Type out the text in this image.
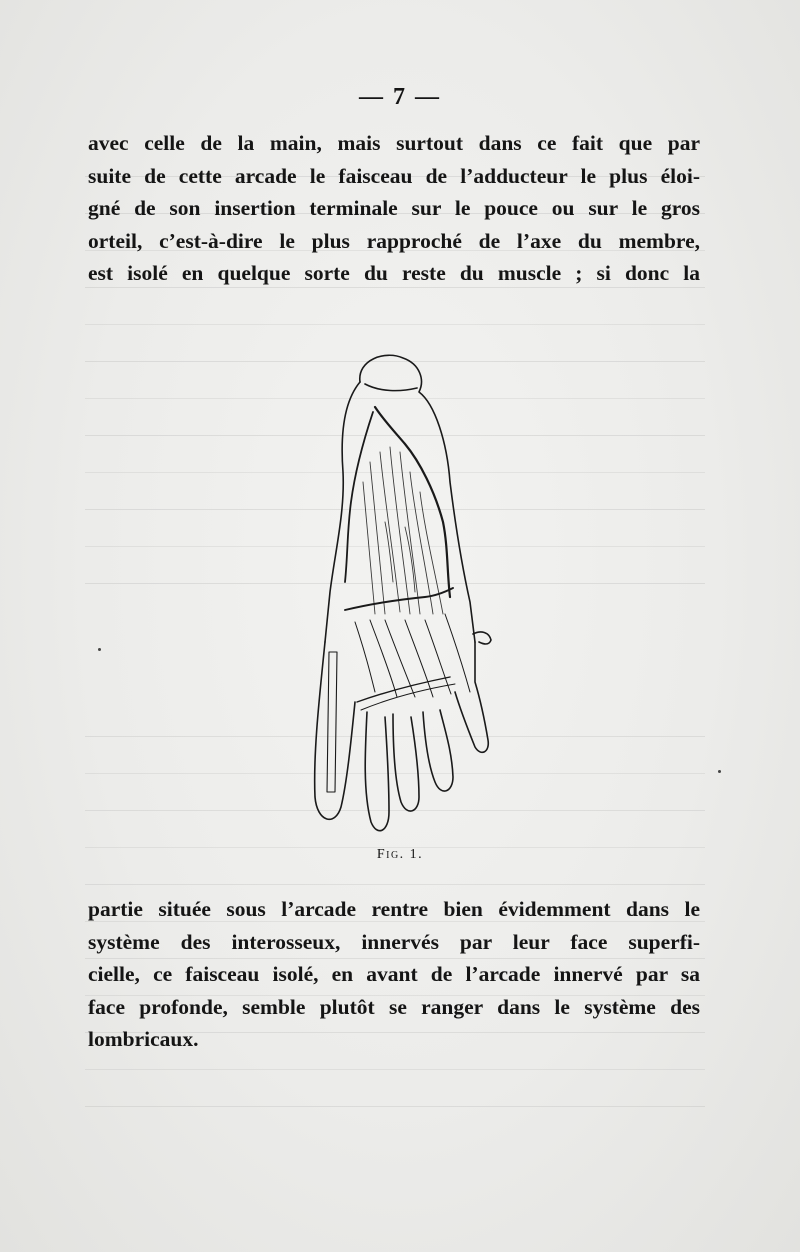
— 7 —
avec celle de la main, mais surtout dans ce fait que par
suite de cette arcade le faisceau de l’adducteur le plus éloi-
gné de son insertion terminale sur le pouce ou sur le gros
orteil, c’est-à-dire le plus rapproché de l’axe du membre,
est isolé en quelque sorte du reste du muscle ; si donc la
Fig. 1.
partie située sous l’arcade rentre bien évidemment dans le
système des interosseux, innervés par leur face superfi-
cielle, ce faisceau isolé, en avant de l’arcade innervé par sa
face profonde, semble plutôt se ranger dans le système des
lombricaux.
